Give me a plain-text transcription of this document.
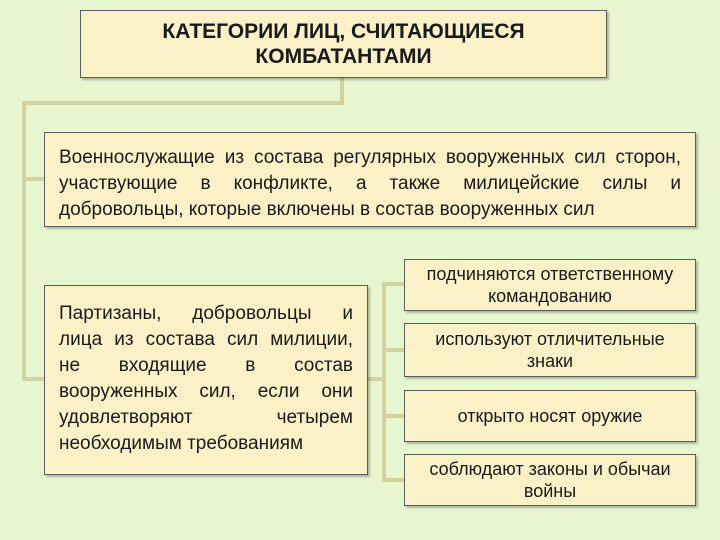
КАТЕГОРИИ ЛИЦ, СЧИТАЮЩИЕСЯ
КОМБАТАНТАМИ
Военнослужащие из состава регулярных вооруженных сил сторон,
участвующие в конфликте, а также милицейские силы и
добровольцы, которые включены в состав вооруженных сил
Партизаны, добровольцы и
лица из состава сил милиции,
не входящие в состав
вооруженных сил, если они
удовлетворяют четырем
необходимым требованиям
подчиняются ответственному
командованию
используют отличительные
знаки
открыто носят оружие
соблюдают законы и обычаи
войны
